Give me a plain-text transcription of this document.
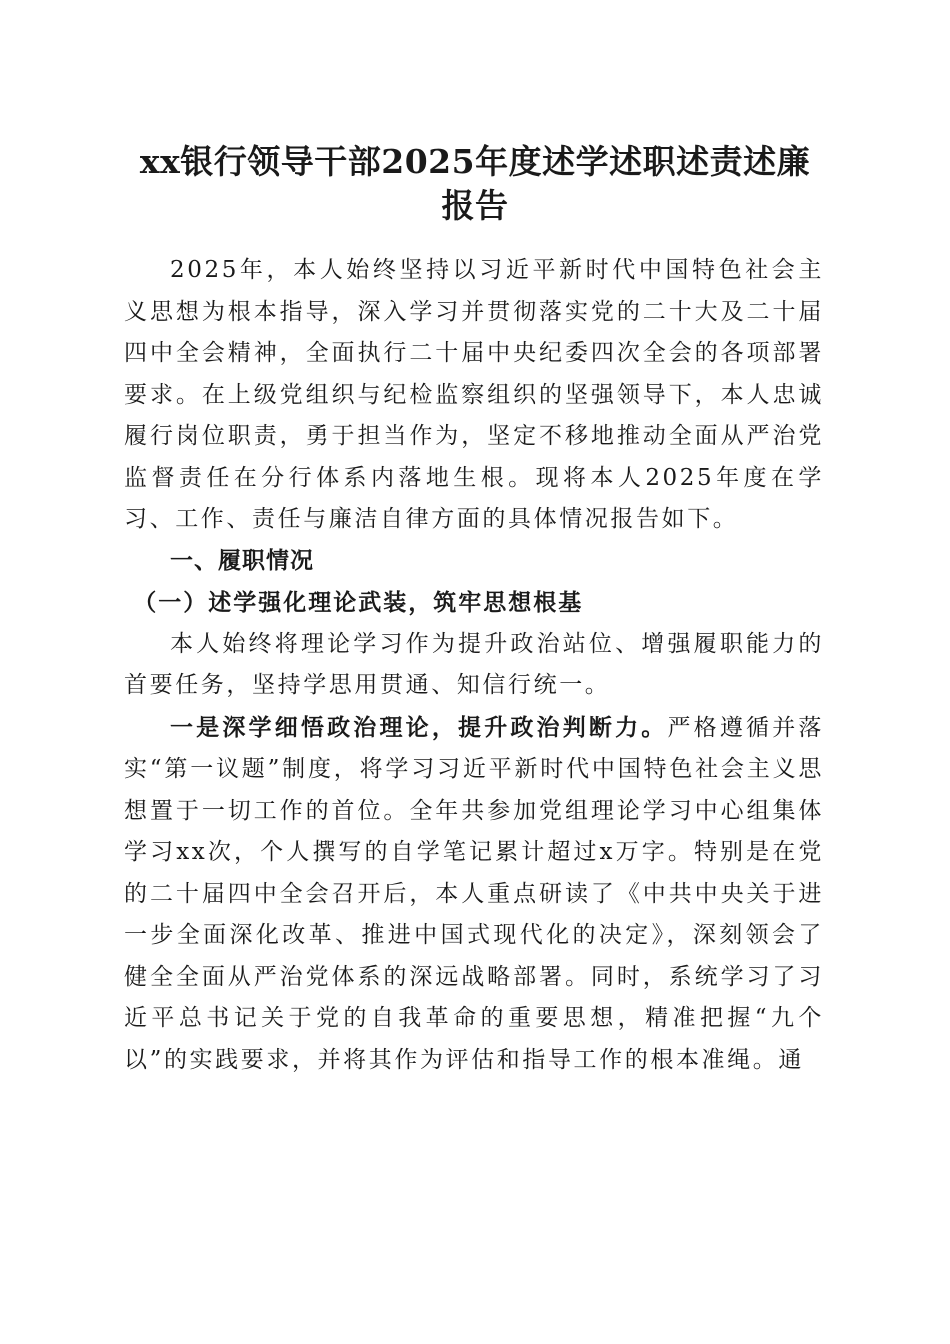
xx银行领导干部2025年度述学述职述责述廉
报告

2025年，本人始终坚持以习近平新时代中国特色社会主义思想为根本指导，深入学习并贯彻落实党的二十大及二十届四中全会精神，全面执行二十届中央纪委四次全会的各项部署要求。在上级党组织与纪检监察组织的坚强领导下，本人忠诚履行岗位职责，勇于担当作为，坚定不移地推动全面从严治党监督责任在分行体系内落地生根。现将本人2025年度在学习、工作、责任与廉洁自律方面的具体情况报告如下。

一、履职情况

（一）述学强化理论武装，筑牢思想根基

本人始终将理论学习作为提升政治站位、增强履职能力的首要任务，坚持学思用贯通、知信行统一。

一是深学细悟政治理论，提升政治判断力。严格遵循并落实“第一议题”制度，将学习习近平新时代中国特色社会主义思想置于一切工作的首位。全年共参加党组理论学习中心组集体学习xx次，个人撰写的自学笔记累计超过x万字。特别是在党的二十届四中全会召开后，本人重点研读了《中共中央关于进一步全面深化改革、推进中国式现代化的决定》，深刻领会了健全全面从严治党体系的深远战略部署。同时，系统学习了习近平总书记关于党的自我革命的重要思想，精准把握“九个以”的实践要求，并将其作为评估和指导工作的根本准绳。通
